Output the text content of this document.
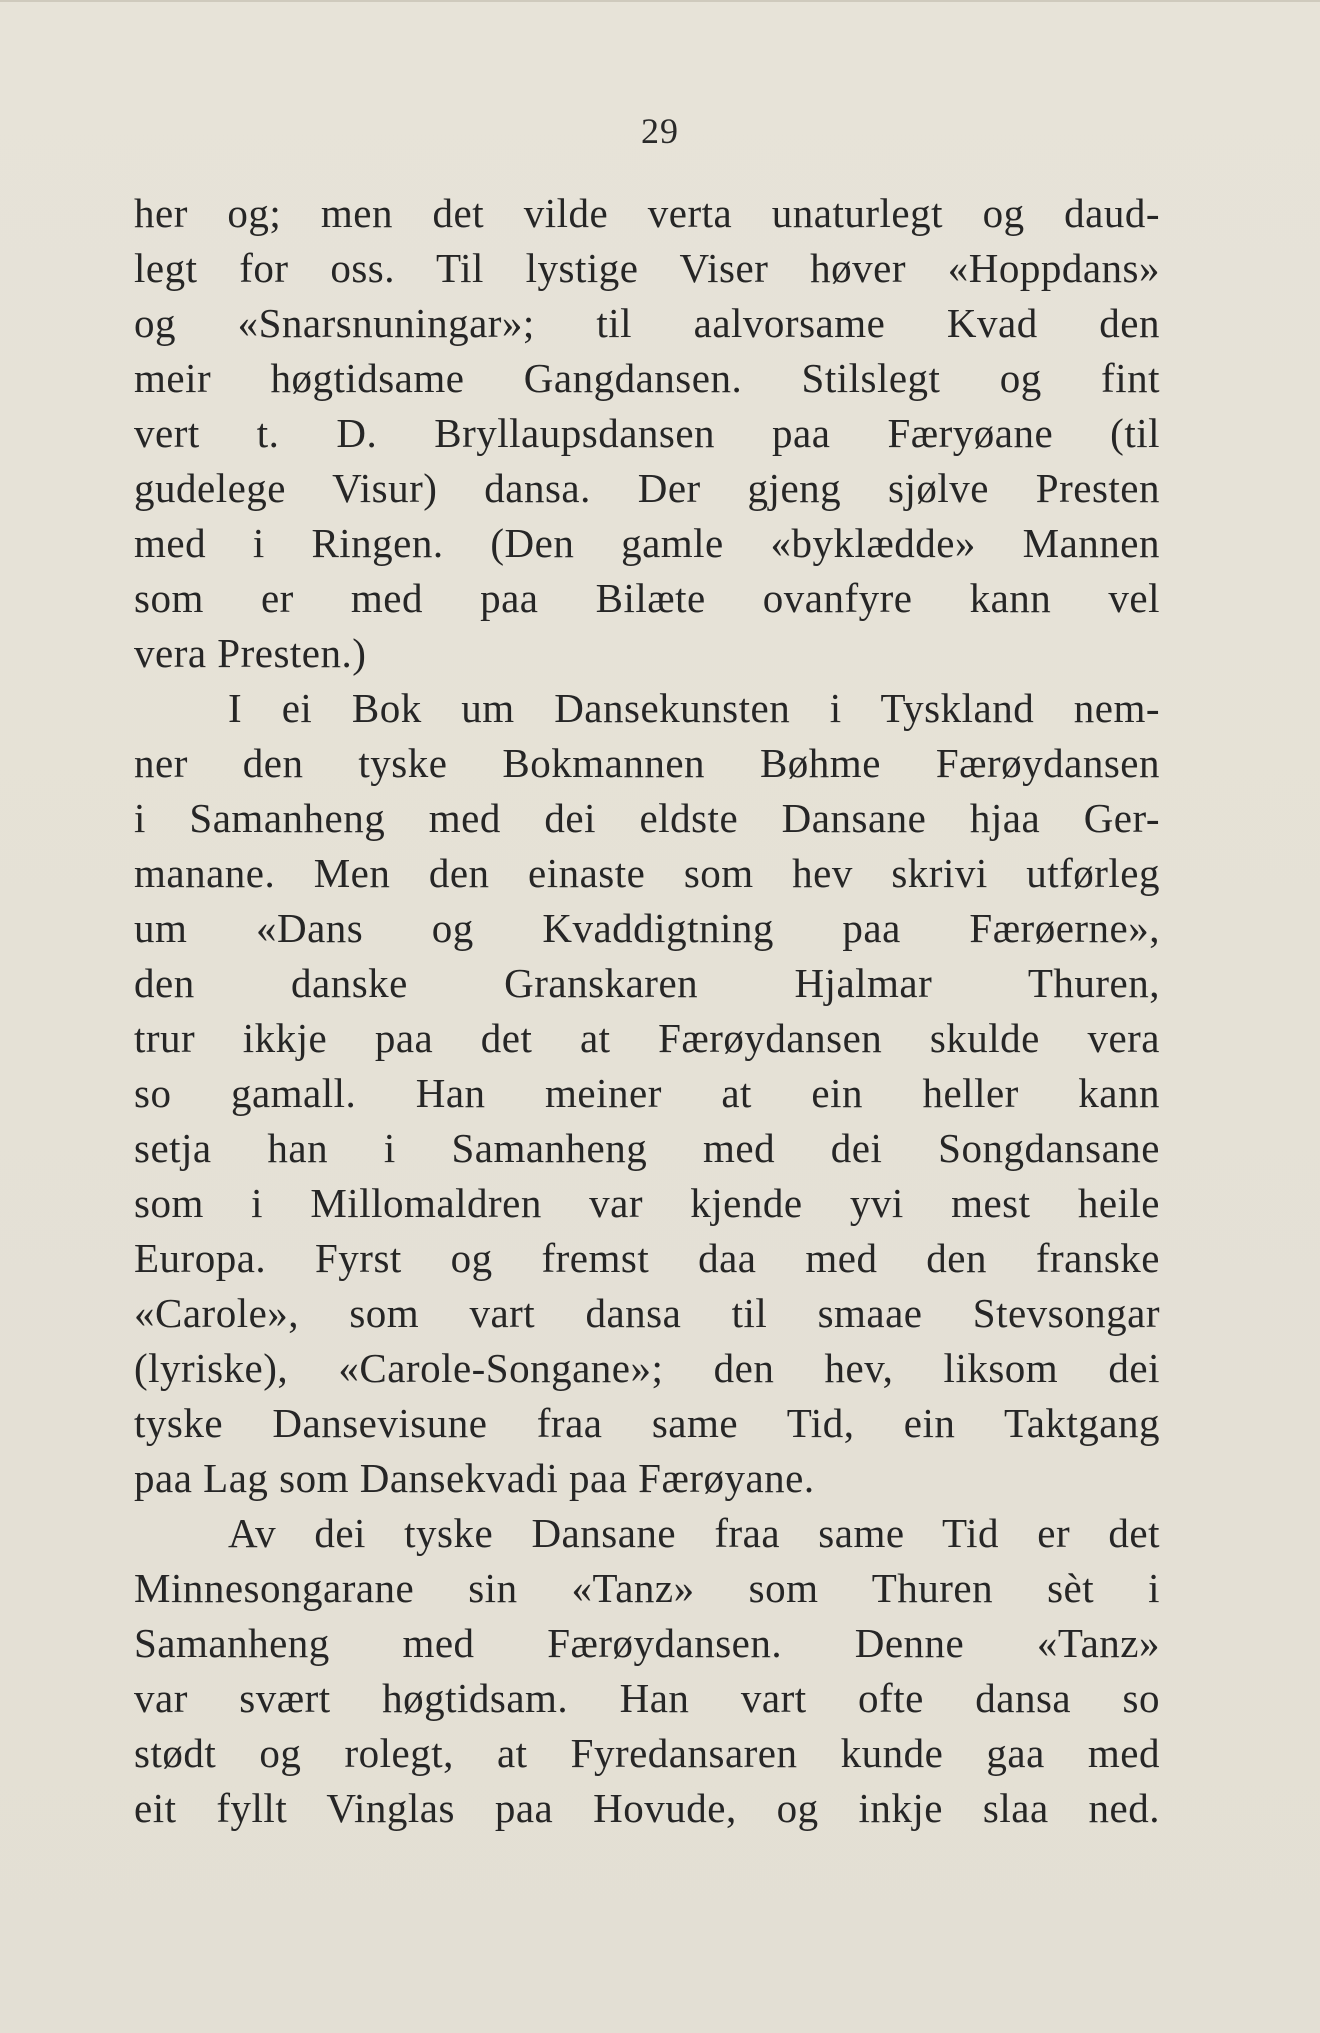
29
her og; men det vilde verta unaturlegt og daud-
legt for oss. Til lystige Viser høver «Hoppdans»
og «Snarsnuningar»; til aalvorsame Kvad den
meir høgtidsame Gangdansen. Stilslegt og fint
vert t. D. Bryllaupsdansen paa Færyøane (til
gudelege Visur) dansa. Der gjeng sjølve Presten
med i Ringen. (Den gamle «byklædde» Mannen
som er med paa Bilæte ovanfyre kann vel
vera Presten.)
I ei Bok um Dansekunsten i Tyskland nem-
ner den tyske Bokmannen Bøhme Færøydansen
i Samanheng med dei eldste Dansane hjaa Ger-
manane. Men den einaste som hev skrivi utførleg
um «Dans og Kvaddigtning paa Færøerne»,
den danske Granskaren Hjalmar Thuren,
trur ikkje paa det at Færøydansen skulde vera
so gamall. Han meiner at ein heller kann
setja han i Samanheng med dei Songdansane
som i Millomaldren var kjende yvi mest heile
Europa. Fyrst og fremst daa med den franske
«Carole», som vart dansa til smaae Stevsongar
(lyriske), «Carole-Songane»; den hev, liksom dei
tyske Dansevisune fraa same Tid, ein Taktgang
paa Lag som Dansekvadi paa Færøyane.
Av dei tyske Dansane fraa same Tid er det
Minnesongarane sin «Tanz» som Thuren sèt i
Samanheng med Færøydansen. Denne «Tanz»
var svært høgtidsam. Han vart ofte dansa so
stødt og rolegt, at Fyredansaren kunde gaa med
eit fyllt Vinglas paa Hovude, og inkje slaa ned.
